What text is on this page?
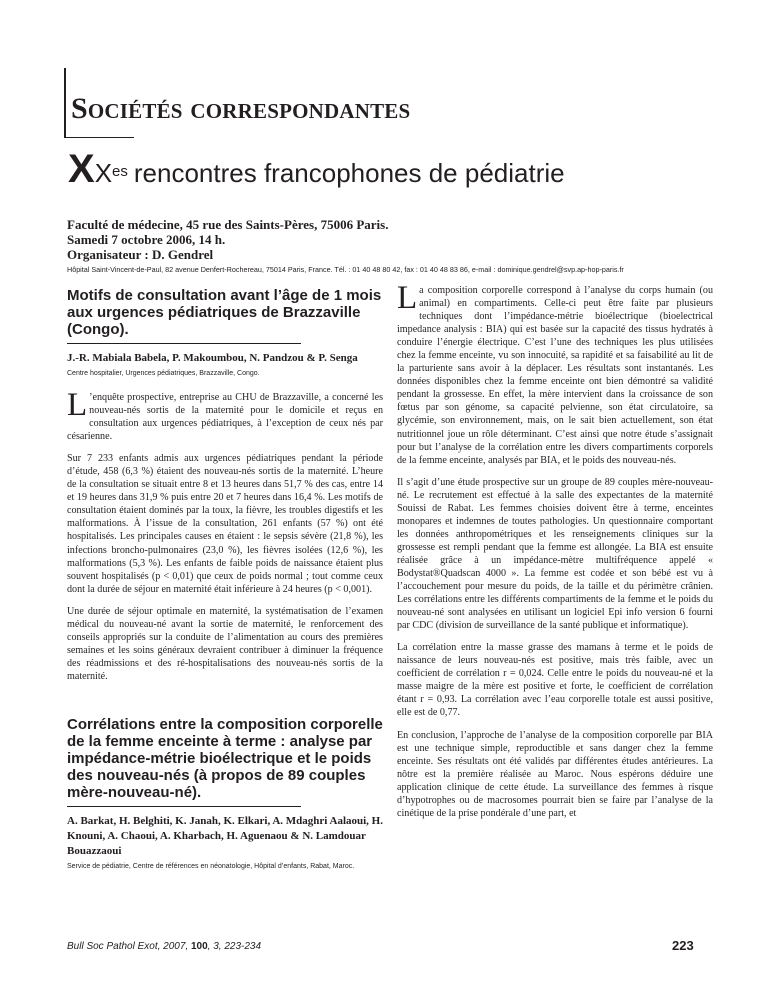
Sociétés correspondantes
XXes rencontres francophones de pédiatrie
Faculté de médecine, 45 rue des Saints-Pères, 75006 Paris.
Samedi 7 octobre 2006, 14 h.
Organisateur : D. Gendrel
Hôpital Saint-Vincent-de-Paul, 82 avenue Denfert-Rochereau, 75014 Paris, France. Tél. : 01 40 48 80 42, fax : 01 40 48 83 86, e-mail : dominique.gendrel@svp.ap-hop-paris.fr
Motifs de consultation avant l’âge de 1 mois aux urgences pédiatriques de Brazzaville (Congo).
J.-R. Mabiala Babela, P. Makoumbou, N. Pandzou & P. Senga
Centre hospitalier, Urgences pédiatriques, Brazzaville, Congo.

L ’enquête prospective, entreprise au CHU de Brazzaville, a concerné les nouveau-nés sortis de la maternité pour le domicile et reçus en consultation aux urgences pédiatriques, à l’exception de ceux nés par césarienne.

Sur 7 233 enfants admis aux urgences pédiatriques pendant la période d’étude, 458 (6,3 %) étaient des nouveau-nés sortis de la maternité. L’heure de la consultation se situait entre 8 et 13 heures dans 51,7 % des cas, entre 14 et 19 heures dans 31,9 % puis entre 20 et 7 heures dans 16,4 %. Les motifs de consultation étaient dominés par la toux, la fièvre, les troubles digestifs et les malformations. À l’issue de la consultation, 261 enfants (57 %) ont été hospitalisés. Les principales causes en étaient : le sepsis sévère (21,8 %), les infections broncho-pulmonaires (23,0 %), les fièvres isolées (12,6 %), les malformations (5,3 %). Les enfants de faible poids de naissance étaient plus souvent hospitalisés (p < 0,01) que ceux de poids normal ; tout comme ceux dont la durée de séjour en maternité était inférieure à 24 heures (p < 0,001).

Une durée de séjour optimale en maternité, la systématisation de l’examen médical du nouveau-né avant la sortie de maternité, le renforcement des conseils appropriés sur la conduite de l’alimentation au cours des premières semaines et les soins généraux devraient contribuer à diminuer la fréquence des réadmissions et des ré-hospitalisations des nouveau-nés sortis de la maternité.

Corrélations entre la composition corporelle de la femme enceinte à terme : analyse par impédance-métrie bioélectrique et le poids des nouveau-nés (à propos de 89 couples mère-nouveau-né).
A. Barkat, H. Belghiti, K. Janah, K. Elkari, A. Mdaghri Aalaoui, H. Knouni, A. Chaoui, A. Kharbach, H. Aguenaou & N. Lamdouar Bouazzaoui
Service de pédiatrie, Centre de références en néonatologie, Hôpital d’enfants, Rabat, Maroc.

La composition corporelle correspond à l’analyse du corps humain (ou animal) en compartiments. Celle-ci peut être faite par plusieurs techniques dont l’impédance-métrie bioélectrique (bioelectrical impedance analysis : BIA) qui est basée sur la capacité des tissus hydratés à conduire l’énergie électrique. C’est l’une des techniques les plus utilisées chez la femme enceinte, vu son innocuité, sa rapidité et sa faisabilité au lit de la parturiente sans avoir à la déplacer. Les résultats sont instantanés. Les données disponibles chez la femme enceinte ont bien démontré sa validité pendant la grossesse. En effet, la mère intervient dans la croissance de son fœtus par son génome, sa capacité pelvienne, son état circulatoire, sa glycémie, son environnement, mais, on le sait bien actuellement, son état nutritionnel joue un rôle déterminant. C’est ainsi que notre étude s’assignait pour but l’analyse de la corrélation entre les divers compartiments corporels de la femme enceinte, analysés par BIA, et le poids des nouveau-nés.

Il s’agit d’une étude prospective sur un groupe de 89 couples mère-nouveau-né. Le recrutement est effectué à la salle des expectantes de la maternité Souissi de Rabat. Les femmes choisies doivent être à terme, enceintes monopares et indemnes de toutes pathologies. Un questionnaire comportant les données anthropométriques et les renseignements cliniques sur la grossesse est rempli pendant que la femme est allongée. La BIA est ensuite réalisée grâce à un impédance-mètre multifréquence appelé « Bodystat®Quadscan 4000 ». La femme est codée et son bébé est vu à l’accouchement pour mesure du poids, de la taille et du périmètre crânien. Les corrélations entre les différents compartiments de la femme et le poids du nouveau-né sont analysées en utilisant un logiciel Epi info version 6 fourni par CDC (division de surveillance de la santé publique et informatique).

La corrélation entre la masse grasse des mamans à terme et le poids de naissance de leurs nouveau-nés est positive, mais très faible, avec un coefficient de corrélation r = 0,024. Celle entre le poids du nouveau-né et la masse maigre de la mère est positive et forte, le coefficient de corrélation étant r = 0,93. La corrélation avec l’eau corporelle totale est aussi positive, elle est de 0,77.

En conclusion, l’approche de l’analyse de la composition corporelle par BIA est une technique simple, reproductible et sans danger chez la femme enceinte. Ses résultats ont été validés par différentes études antérieures. La nôtre est la première réalisée au Maroc. Nous espérons déduire une application clinique de cette étude. La surveillance des femmes à risque d’hypotrophes ou de macrosomes pourrait bien se faire par l’analyse de la cinétique de la prise pondérale d’une part, et

Bull Soc Pathol Exot, 2007, 100, 3, 223-234	223
